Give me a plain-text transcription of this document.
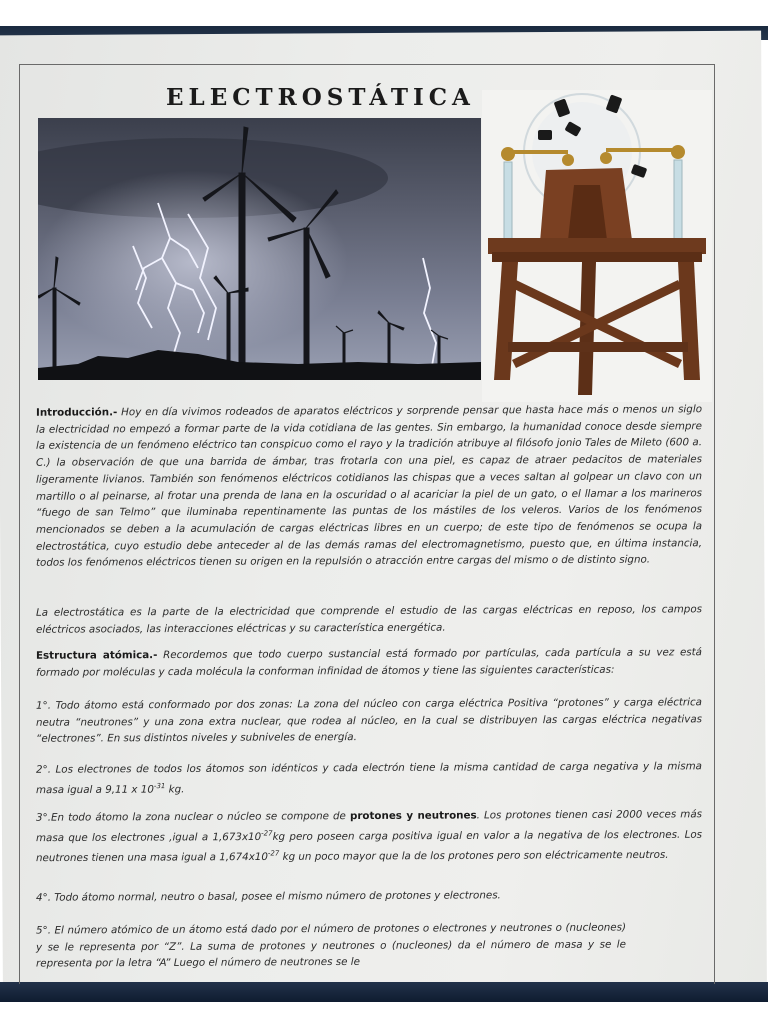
ELECTROSTÁTICA
Introducción.- Hoy en día vivimos rodeados de aparatos eléctricos y sorprende pensar que hasta hace más o menos un siglo la electricidad no empezó a formar parte de la vida cotidiana de las gentes. Sin embargo, la humanidad conoce desde siempre la existencia de un fenómeno eléctrico tan conspicuo como el rayo y la tradición atribuye al filósofo jonio Tales de Mileto (600 a. C.) la observación de que una barrida de ámbar, tras frotarla con una piel, es capaz de atraer pedacitos de materiales ligeramente livianos. También son fenómenos eléctricos cotidianos las chispas que a veces saltan al golpear un clavo con un martillo o al peinarse, al frotar una prenda de lana en la oscuridad o al acariciar la piel de un gato, o el llamar a los marineros “fuego de san Telmo” que iluminaba repentinamente las puntas de los mástiles de los veleros. Varios de los fenómenos mencionados se deben a la acumulación de cargas eléctricas libres en un cuerpo; de este tipo de fenómenos se ocupa la electrostática, cuyo estudio debe anteceder al de las demás ramas del electromagnetismo, puesto que, en última instancia, todos los fenómenos eléctricos tienen su origen en la repulsión o atracción entre cargas del mismo o de distinto signo.
La electrostática es la parte de la electricidad que comprende el estudio de las cargas eléctricas en reposo, los campos eléctricos asociados, las interacciones eléctricas y su característica energética.
Estructura atómica.- Recordemos que todo cuerpo sustancial está formado por partículas, cada partícula a su vez está formado por moléculas y cada molécula la conforman infinidad de átomos y tiene las siguientes características:
1°. Todo átomo está conformado por dos zonas: La zona del núcleo con carga eléctrica Positiva “protones” y carga eléctrica neutra “neutrones” y una zona extra nuclear, que rodea al núcleo, en la cual se distribuyen las cargas eléctrica negativas “electrones”. En sus distintos niveles y subniveles de energía.
2°. Los electrones de todos los átomos son idénticos y cada electrón tiene la misma cantidad de carga negativa y la misma masa igual a 9,11 x $10^{-31}$ kg.
3°.En todo átomo la zona nuclear o núcleo se compone de protones y neutrones. Los protones tienen casi 2000 veces más masa que los electrones ,igual a $1,673x10^{-27}kg$ pero poseen carga positiva igual en valor a la negativa de los electrones. Los neutrones tienen una masa igual a $1,674x10^{-27}$ kg un poco mayor que la de los protones pero son eléctricamente neutros.
4°. Todo átomo normal, neutro o basal, posee el mismo número de protones y electrones.
5°. El número atómico de un átomo está dado por el número de protones o electrones y neutrones o (nucleones) y se le representa por “Z”. La suma de protones y neutrones o (nucleones) da el número de masa y se le representa por la letra “A” Luego el número de neutrones se le
